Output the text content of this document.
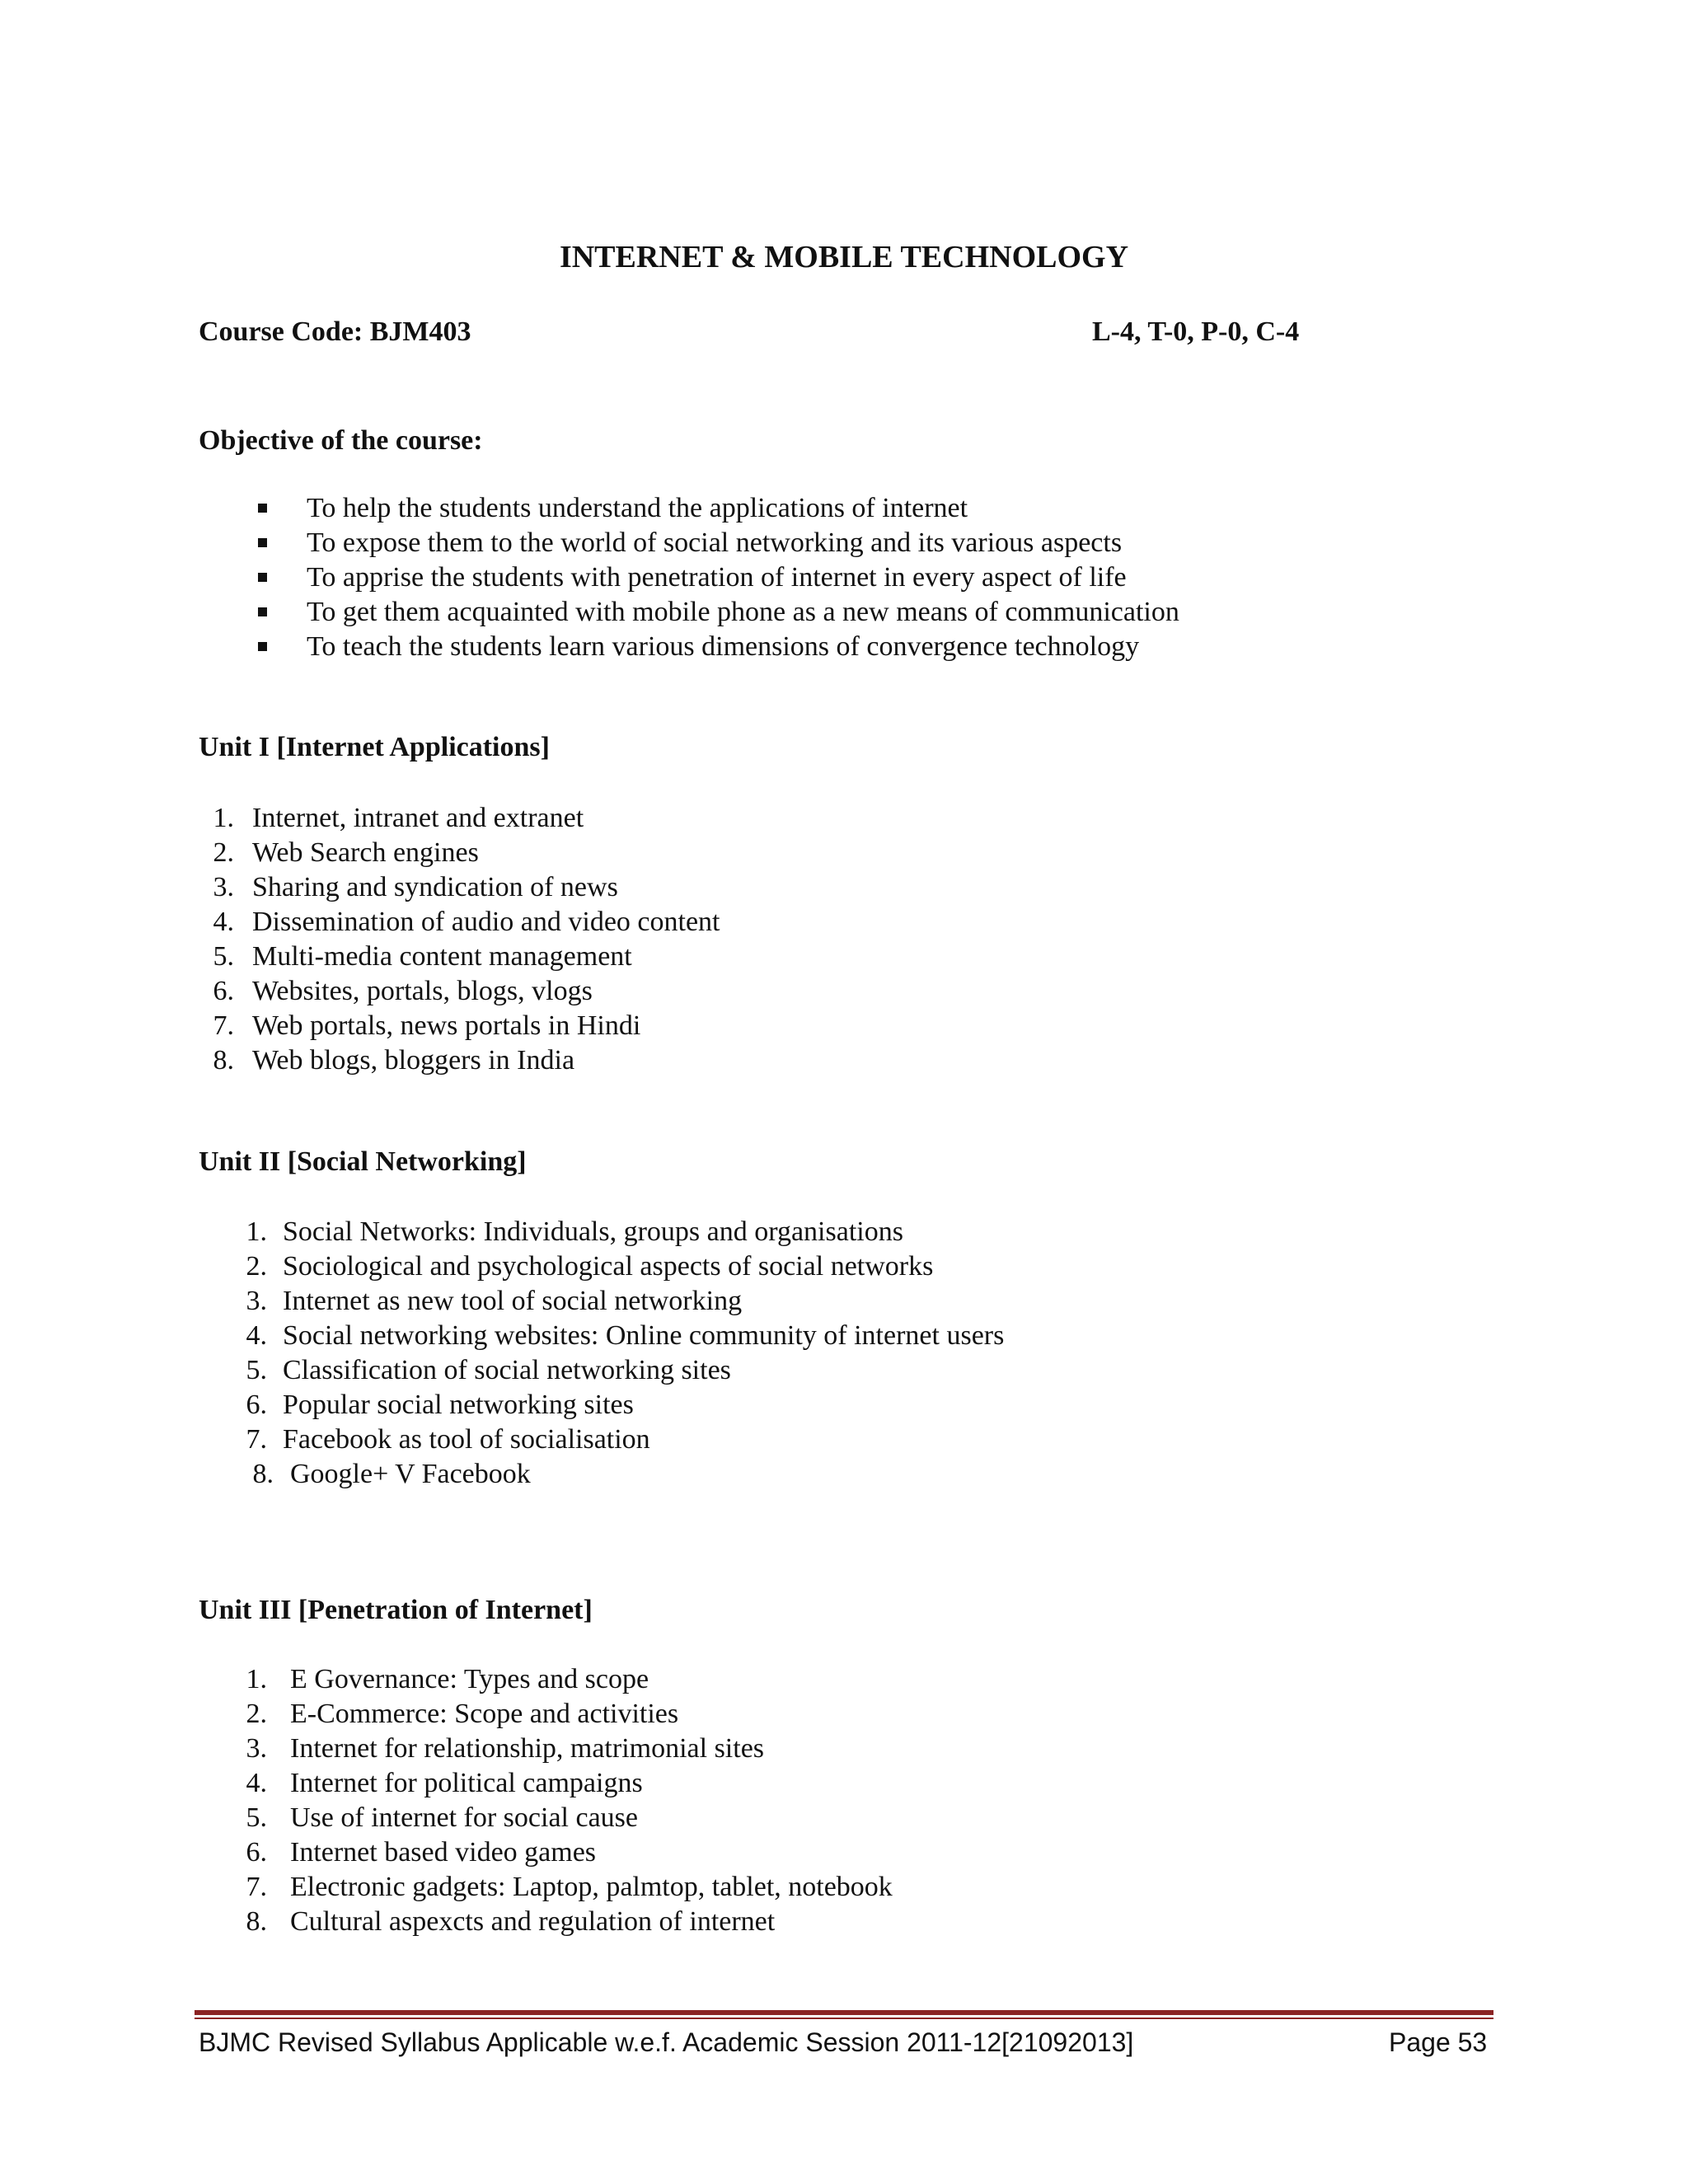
INTERNET & MOBILE TECHNOLOGY
Course Code: BJM403	L-4, T-0, P-0, C-4
Objective of the course:
To help the students understand the applications of internet
To expose them to the world of social networking and its various aspects
To apprise the students with penetration of internet in every aspect of life
To get them acquainted with mobile phone as a new means of communication
To teach the students learn various dimensions of convergence technology
Unit I [Internet Applications]
1. Internet, intranet and extranet
2. Web Search engines
3. Sharing and syndication of news
4. Dissemination of audio and video content
5. Multi-media content management
6. Websites, portals, blogs, vlogs
7. Web portals, news portals in Hindi
8. Web blogs, bloggers in India
Unit II [Social Networking]
1. Social Networks: Individuals, groups and organisations
2. Sociological and psychological aspects of social networks
3. Internet as new tool of social networking
4. Social networking websites: Online community of internet users
5. Classification of social networking sites
6. Popular social networking sites
7. Facebook as tool of socialisation
8. Google+ V Facebook
Unit III [Penetration of Internet]
1. E Governance: Types and scope
2. E-Commerce: Scope and activities
3. Internet for relationship, matrimonial sites
4. Internet for political campaigns
5. Use of internet for social cause
6. Internet based video games
7. Electronic gadgets: Laptop, palmtop, tablet, notebook
8. Cultural aspexcts and regulation of internet
BJMC Revised Syllabus Applicable w.e.f. Academic Session 2011-12[21092013]	Page 53
